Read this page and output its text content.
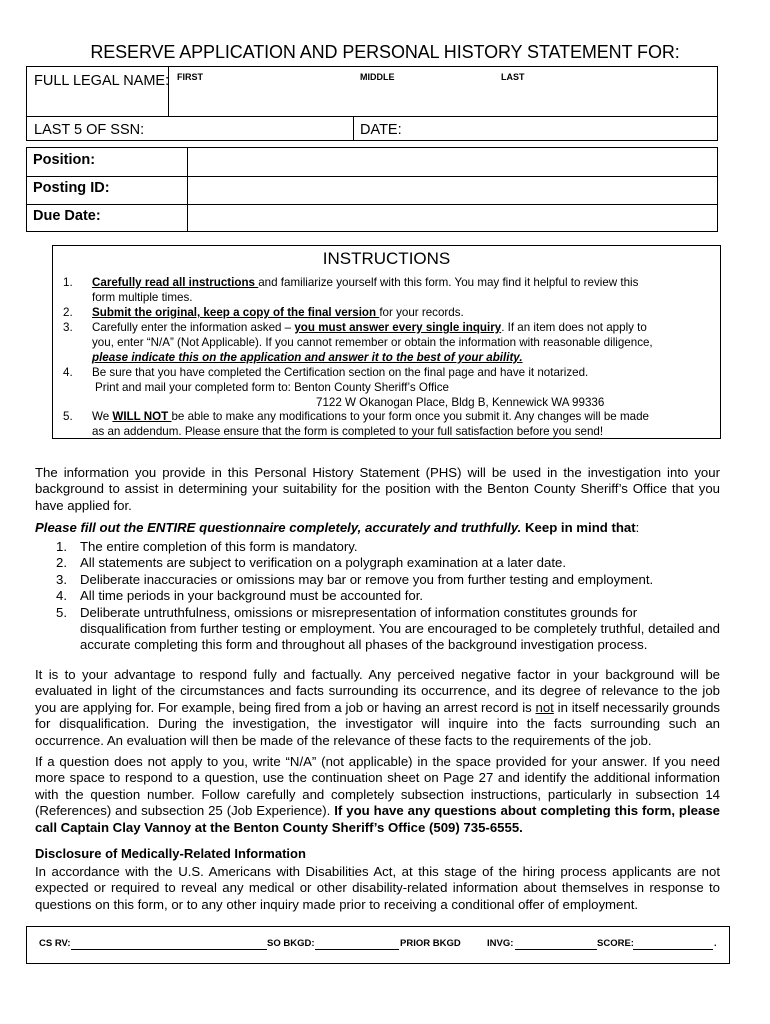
RESERVE APPLICATION AND PERSONAL HISTORY STATEMENT FOR:
FULL LEGAL NAME: FIRST	MIDDLE	LAST
LAST 5 OF SSN:	DATE:
Position:
Posting ID:
Due Date:
INSTRUCTIONS
1. Carefully read all instructions and familiarize yourself with this form. You may find it helpful to review this
form multiple times.
2. Submit the original, keep a copy of the final version for your records.
3. Carefully enter the information asked – you must answer every single inquiry. If an item does not apply to
you, enter “N/A” (Not Applicable). If you cannot remember or obtain the information with reasonable diligence,
please indicate this on the application and answer it to the best of your ability.
4. Be sure that you have completed the Certification section on the final page and have it notarized.
Print and mail your completed form to: Benton County Sheriff’s Office
7122 W Okanogan Place, Bldg B, Kennewick WA 99336
5. We WILL NOT be able to make any modifications to your form once you submit it. Any changes will be made
as an addendum. Please ensure that the form is completed to your full satisfaction before you send!
The information you provide in this Personal History Statement (PHS) will be used in the investigation into your background to assist in determining your suitability for the position with the Benton County Sheriff’s Office that you have applied for.
Please fill out the ENTIRE questionnaire completely, accurately and truthfully. Keep in mind that:
1. The entire completion of this form is mandatory.
2. All statements are subject to verification on a polygraph examination at a later date.
3. Deliberate inaccuracies or omissions may bar or remove you from further testing and employment.
4. All time periods in your background must be accounted for.
5. Deliberate untruthfulness, omissions or misrepresentation of information constitutes grounds for disqualification from further testing or employment. You are encouraged to be completely truthful, detailed and accurate completing this form and throughout all phases of the background investigation process.
It is to your advantage to respond fully and factually. Any perceived negative factor in your background will be evaluated in light of the circumstances and facts surrounding its occurrence, and its degree of relevance to the job you are applying for. For example, being fired from a job or having an arrest record is not in itself necessarily grounds for disqualification. During the investigation, the investigator will inquire into the facts surrounding such an occurrence. An evaluation will then be made of the relevance of these facts to the requirements of the job.
If a question does not apply to you, write “N/A” (not applicable) in the space provided for your answer. If you need more space to respond to a question, use the continuation sheet on Page 27 and identify the additional information with the question number. Follow carefully and completely subsection instructions, particularly in subsection 14 (References) and subsection 25 (Job Experience). If you have any questions about completing this form, please call Captain Clay Vannoy at the Benton County Sheriff’s Office (509) 735-6555.
Disclosure of Medically-Related Information
In accordance with the U.S. Americans with Disabilities Act, at this stage of the hiring process applicants are not expected or required to reveal any medical or other disability-related information about themselves in response to questions on this form, or to any other inquiry made prior to receiving a conditional offer of employment.
CS RV:	SO BKGD:	PRIOR BKGD	INVG:	SCORE:	.
